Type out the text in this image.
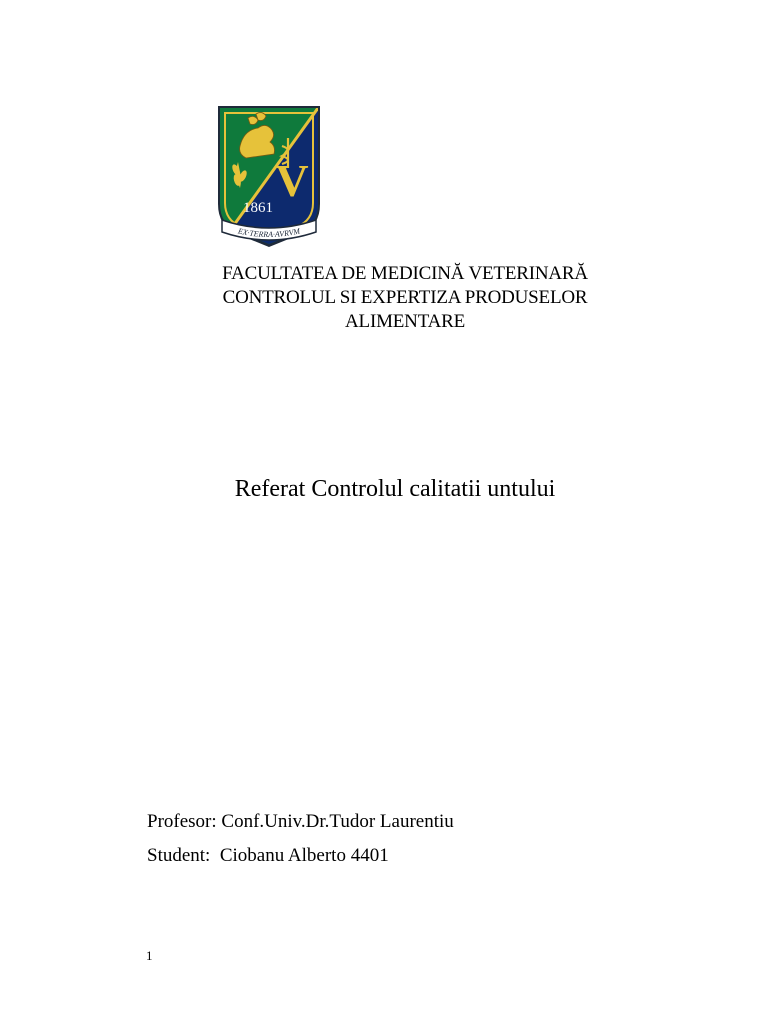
V
1861
EX·TERRA·AVRVM
FACULTATEA DE MEDICINĂ VETERINARĂ
CONTROLUL SI EXPERTIZA PRODUSELOR
ALIMENTARE
Referat Controlul calitatii untului
Profesor: Conf.Univ.Dr.Tudor Laurentiu
Student:  Ciobanu Alberto 4401
1
